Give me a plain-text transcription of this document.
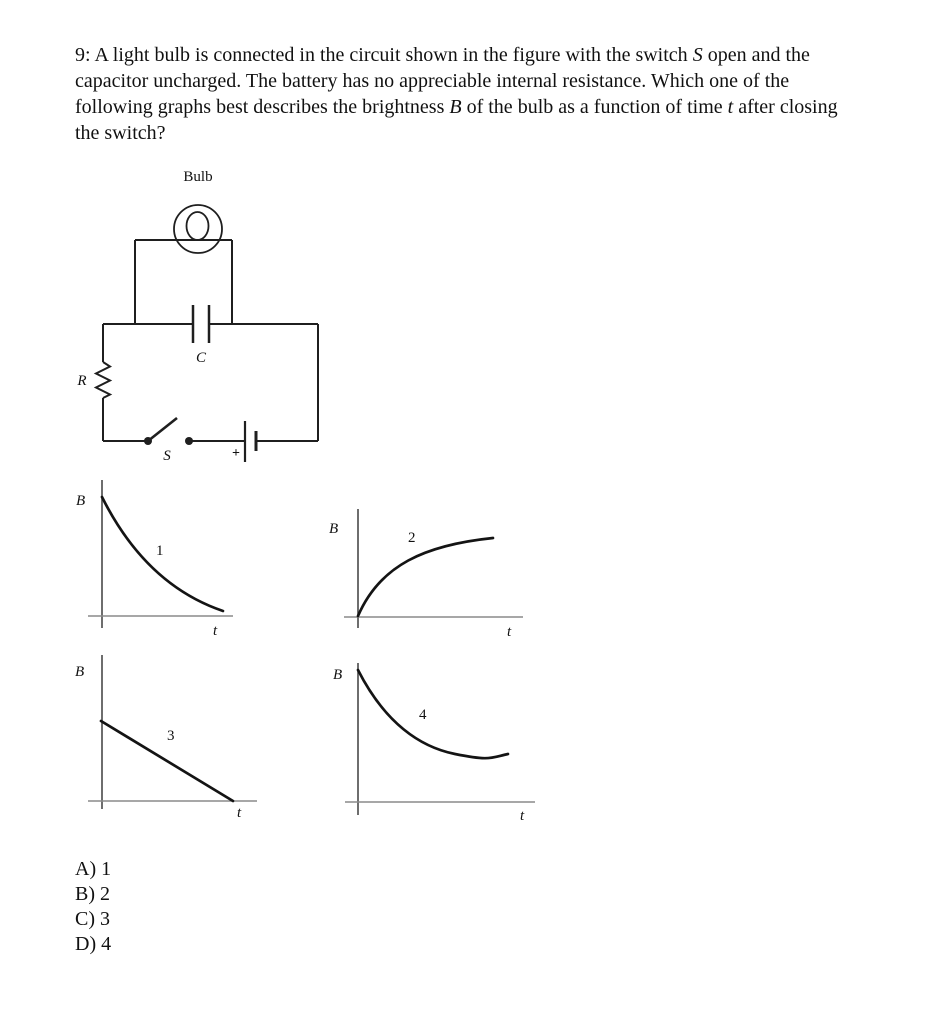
9: A light bulb is connected in the circuit shown in the figure with the switch S open and the
capacitor uncharged. The battery has no appreciable internal resistance. Which one of the
following graphs best describes the brightness B of the bulb as a function of time t after closing
the switch?
Bulb
C
R
S	+
B
t
1
B
t
2
B
t
3
B
t
4
A) 1
B) 2
C) 3
D) 4
